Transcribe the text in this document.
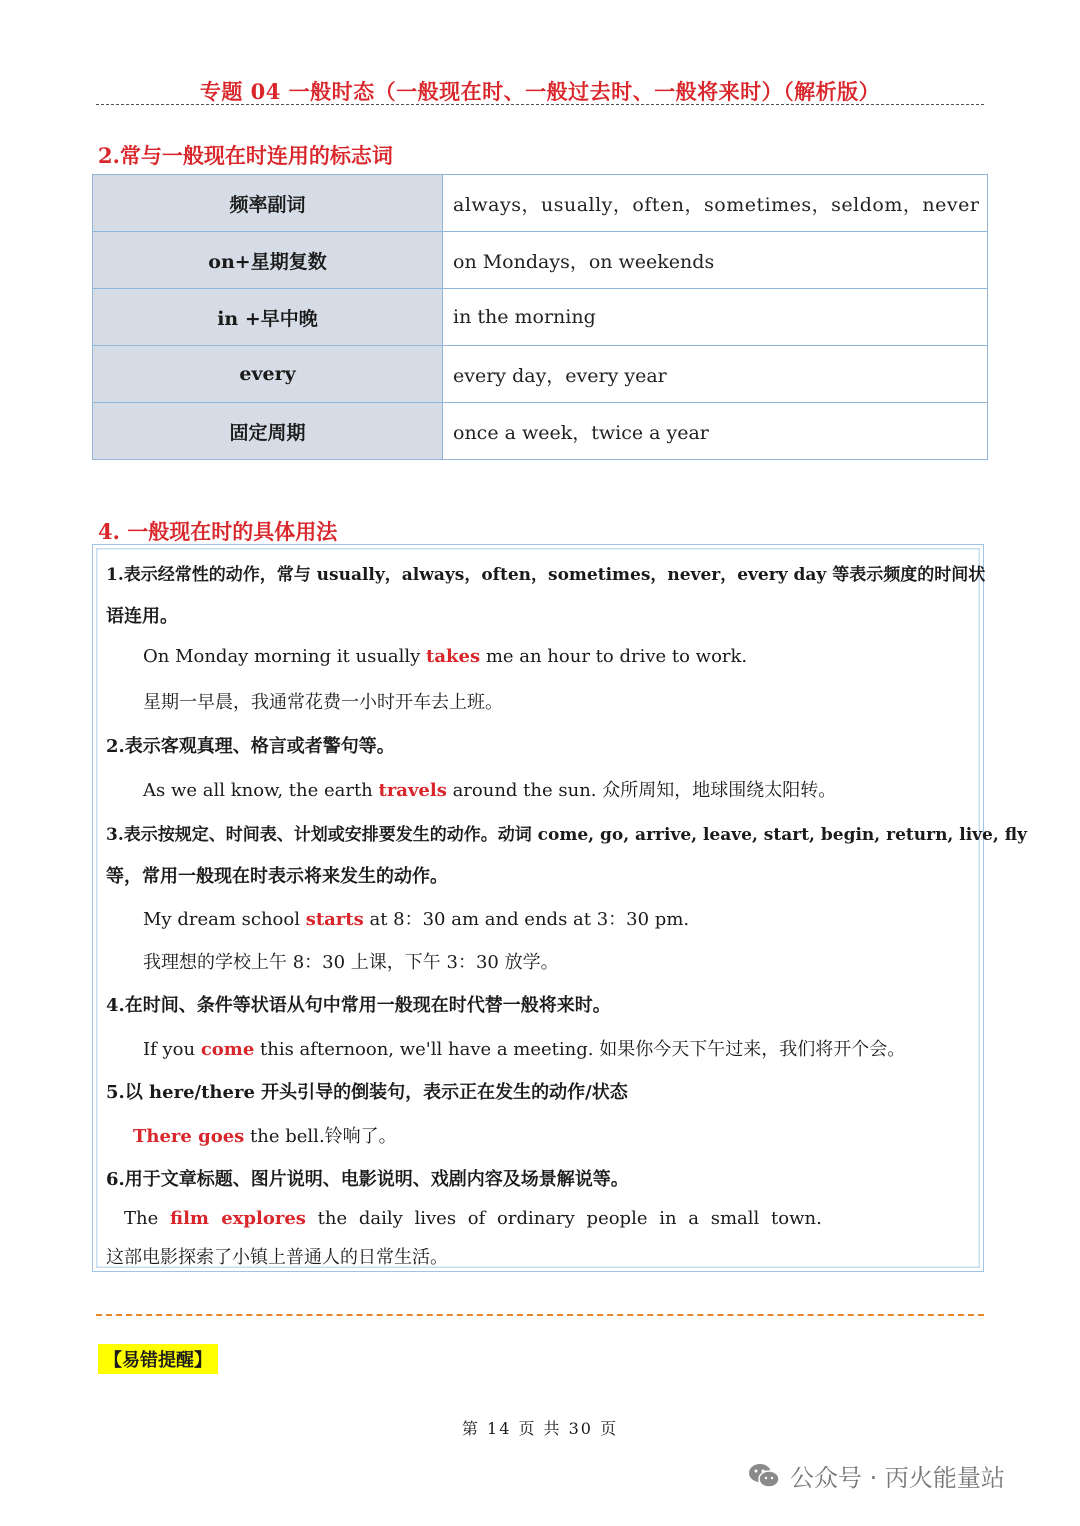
专题 04 一般时态（一般现在时、一般过去时、一般将来时）（解析版）
2.常与一般现在时连用的标志词
频率副词	always，usually，often，sometimes，seldom，never
on+星期复数	on Mondays，on weekends
in +早中晚	in the morning
every	every day，every year
固定周期	once a week，twice a year
4. 一般现在时的具体用法
1.表示经常性的动作，常与 usually，always，often，sometimes，never，every day 等表示频度的时间状
语连用。
On Monday morning it usually takes me an hour to drive to work.
星期一早晨，我通常花费一小时开车去上班。
2.表示客观真理、格言或者警句等。
As we all know, the earth travels around the sun. 众所周知，地球围绕太阳转。
3.表示按规定、时间表、计划或安排要发生的动作。动词 come, go, arrive, leave, start, begin, return, live, fly
等，常用一般现在时表示将来发生的动作。
My dream school starts at 8：30 am and ends at 3：30 pm.
我理想的学校上午 8：30 上课，下午 3：30 放学。
4.在时间、条件等状语从句中常用一般现在时代替一般将来时。
If you come this afternoon, we'll have a meeting. 如果你今天下午过来，我们将开个会。
5.以 here/there 开头引导的倒装句，表示正在发生的动作/状态
There goes the bell.铃响了。
6.用于文章标题、图片说明、电影说明、戏剧内容及场景解说等。
The film explores the daily lives of ordinary people in a small town.
这部电影探索了小镇上普通人的日常生活。
【易错提醒】
第 14 页 共 30 页
公众号 · 丙火能量站
